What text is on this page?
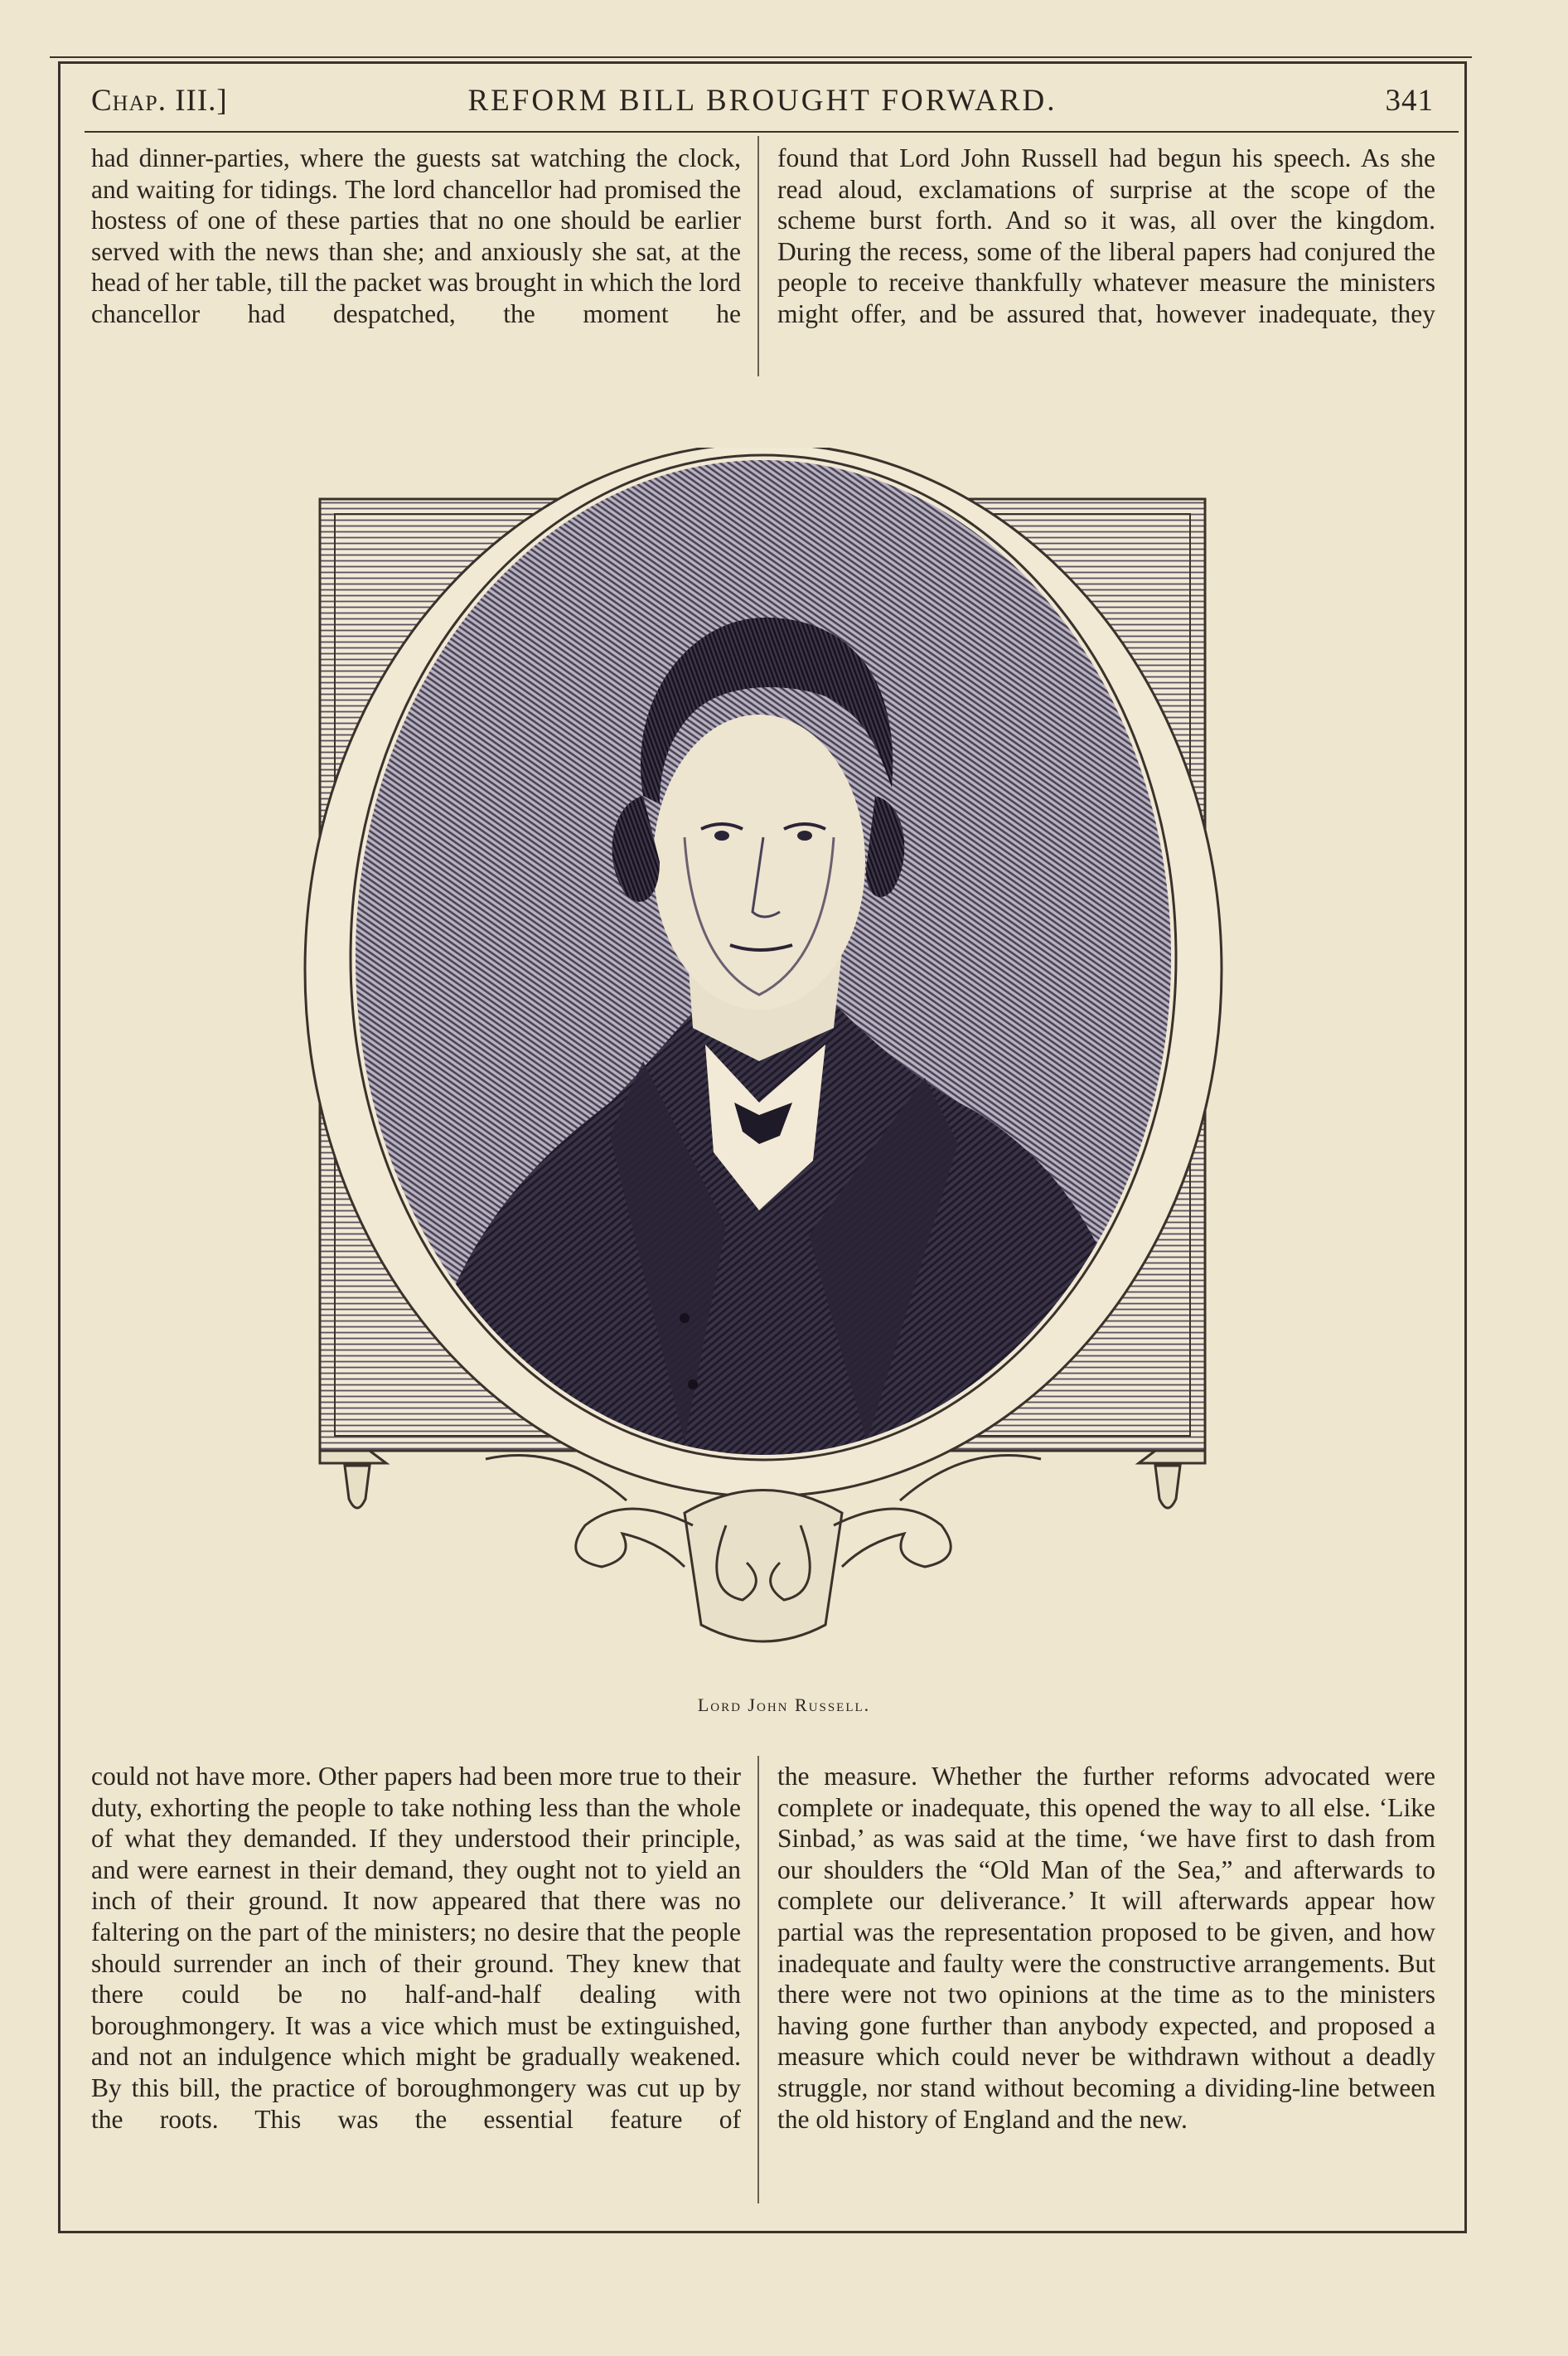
Chap. III.]	REFORM BILL BROUGHT FORWARD.	341

had dinner-parties, where the guests sat watching the clock, and waiting for tidings. The lord chancellor had promised the hostess of one of these parties that no one should be earlier served with the news than she; and anxiously she sat, at the head of her table, till the packet was brought in which the lord chancellor had despatched, the moment he

found that Lord John Russell had begun his speech. As she read aloud, exclamations of surprise at the scope of the scheme burst forth. And so it was, all over the kingdom. During the recess, some of the liberal papers had conjured the people to receive thankfully whatever measure the ministers might offer, and be assured that, however inadequate, they

Lord John Russell.

could not have more. Other papers had been more true to their duty, exhorting the people to take nothing less than the whole of what they demanded. If they understood their principle, and were earnest in their demand, they ought not to yield an inch of their ground. It now appeared that there was no faltering on the part of the ministers; no desire that the people should surrender an inch of their ground. They knew that there could be no half-and-half dealing with boroughmongery. It was a vice which must be extinguished, and not an indulgence which might be gradually weakened. By this bill, the practice of boroughmongery was cut up by the roots. This was the essential feature of

the measure. Whether the further reforms advocated were complete or inadequate, this opened the way to all else. ‘Like Sinbad,’ as was said at the time, ‘we have first to dash from our shoulders the “Old Man of the Sea,” and afterwards to complete our deliverance.’ It will afterwards appear how partial was the representation proposed to be given, and how inadequate and faulty were the constructive arrangements. But there were not two opinions at the time as to the ministers having gone further than anybody expected, and proposed a measure which could never be withdrawn without a deadly struggle, nor stand without becoming a dividing-line between the old history of England and the new.
